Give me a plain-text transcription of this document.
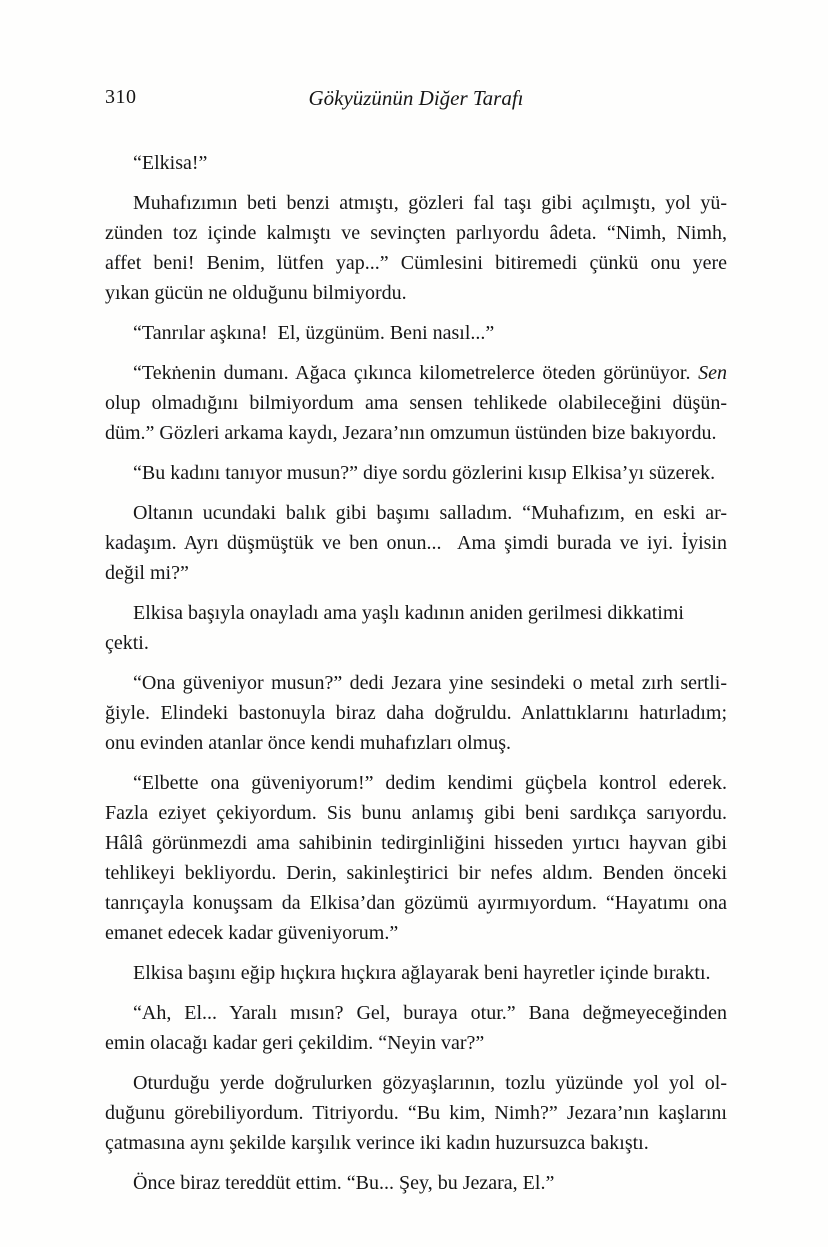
310	Gökyüzünün Diğer Tarafı
“Elkisa!”
Muhafızımın beti benzi atmıştı, gözleri fal taşı gibi açılmıştı, yol yü-
zünden toz içinde kalmıştı ve sevinçten parlıyordu âdeta. “Nimh, Nimh,
affet beni! Benim, lütfen yap...” Cümlesini bitiremedi çünkü onu yere
yıkan gücün ne olduğunu bilmiyordu.
“Tanrılar aşkına!  El, üzgünüm. Beni nasıl...”
“Tekṅenin dumanı. Ağaca çıkınca kilometrelerce öteden görünüyor. Sen
olup olmadığını bilmiyordum ama sensen tehlikede olabileceğini düşün-
düm.” Gözleri arkama kaydı, Jezara’nın omzumun üstünden bize bakıyordu.
“Bu kadını tanıyor musun?” diye sordu gözlerini kısıp Elkisa’yı süzerek.
Oltanın ucundaki balık gibi başımı salladım. “Muhafızım, en eski ar-
kadaşım. Ayrı düşmüştük ve ben onun...  Ama şimdi burada ve iyi. İyisin
değil mi?”
Elkisa başıyla onayladı ama yaşlı kadının aniden gerilmesi dikkatimi çekti.
“Ona güveniyor musun?” dedi Jezara yine sesindeki o metal zırh sertli-
ğiyle. Elindeki bastonuyla biraz daha doğruldu. Anlattıklarını hatırladım;
onu evinden atanlar önce kendi muhafızları olmuş.
“Elbette ona güveniyorum!” dedim kendimi güçbela kontrol ederek.
Fazla eziyet çekiyordum. Sis bunu anlamış gibi beni sardıkça sarıyordu.
Hâlâ görünmezdi ama sahibinin tedirginliğini hisseden yırtıcı hayvan gibi
tehlikeyi bekliyordu. Derin, sakinleştirici bir nefes aldım. Benden önceki
tanrıçayla konuşsam da Elkisa’dan gözümü ayırmıyordum. “Hayatımı ona
emanet edecek kadar güveniyorum.”
Elkisa başını eğip hıçkıra hıçkıra ağlayarak beni hayretler içinde bıraktı.
“Ah, El... Yaralı mısın? Gel, buraya otur.” Bana değmeyeceğinden
emin olacağı kadar geri çekildim. “Neyin var?”
Oturduğu yerde doğrulurken gözyaşlarının, tozlu yüzünde yol yol ol-
duğunu görebiliyordum. Titriyordu. “Bu kim, Nimh?” Jezara’nın kaşlarını
çatmasına aynı şekilde karşılık verince iki kadın huzursuzca bakıştı.
Önce biraz tereddüt ettim. “Bu... Şey, bu Jezara, El.”
